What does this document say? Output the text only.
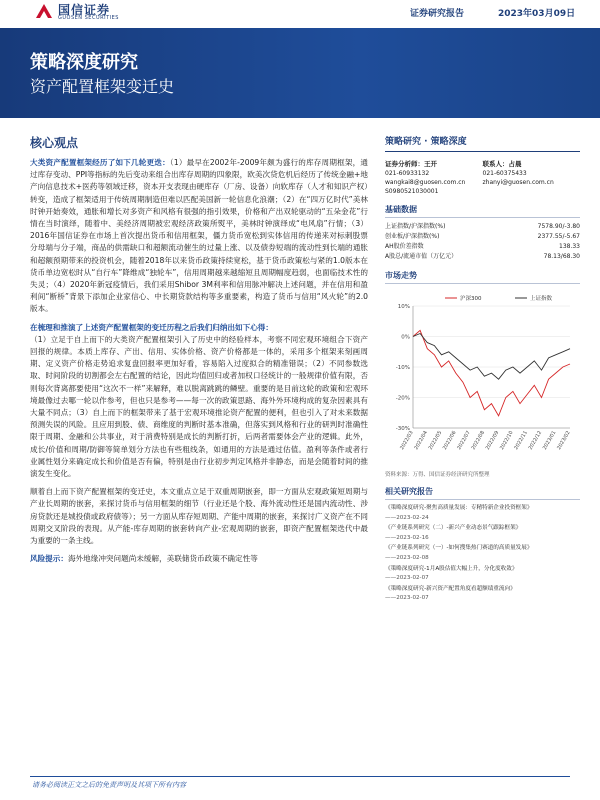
国信证券
GUOSEN SECURITIES	证券研究报告	2023年03月09日
策略深度研究
资产配置框架变迁史
核心观点

大类资产配置框架经历了如下几轮更迭：（1）最早在2002年-2009年颇为盛行的库存周期框架，通过库存变动、PPI等指标的先后变动来组合出库存周期的四象限，欧美次贷危机后经历了传统金融+地产向信息技术+医药等领域迁移，资本开支表现由硬库存（厂房、设备）向软库存（人才和知识产权）转变，造成了框架适用于传统周期制造但难以匹配美国新一轮信息化浪潮；（2）在“四万亿时代”美林时钟开始奏效，通胀和增长对多资产和风格有很强的指引效果，价格和产出双轮驱动的“五朵金花”行情在当时演绎，随着中、美经济周期被宏观经济政策所熨平，美林时钟演绎成“电风扇”行情；（3）2016年国信证券在市场上首次提出货币和信用框架，僵力货币宽松到实体信用的传递来对标刺股票分母端与分子端，商品的供需缺口和超额流动催生的过量上涨、以及债券短端的流动性到长端的通胀和超额预期带来的投资机会，随着2018年以来货币政策持续宽松，基于货币政策松与紧的1.0版本在货币单边宽松时从“自行车”降维成“独轮车”，信用周期越来越缩短且周期幅度趋弱，也面临技术性的失灵；（4）2020年新冠疫情后，我们采用Shibor 3M利率和信用脉冲解决上述问题，并在信用和盈利间“断桥”背景下添加企业家信心、中长期贷款结构等多重要素，构造了货币与信用“风火轮”的2.0版本。

在梳理和推演了上述资产配置框架的变迁历程之后我们归纳出如下心得：
（1）立足于自上而下的大类资产配置框架引入了历史中的经验样本，考察不同宏观环境组合下资产回报的规律。本质上库存、产出、信用、实体价格、资产价格都是一体的，采用多个框架来刻画周期、定义资产价格走势追求复盘回报率更加好看，容易陷入过度拟合的精准错误；（2）不同参数选取、时间阶段的切割都会左右配置的结论，因此均值回归或者加权口径统计的一般规律价值有限，否则每次背离都要使用“这次不一样”来解释，难以脱离跳跳的鳞壁。重要的是目前这轮的政策和宏观环境最像过去哪一轮以作参考，但也只是参考——每一次的政策思路、海外外环境构成的复杂因素具有大量不同点；（3）自上而下的框架带来了基于宏观环境推论资产配置的便利，但也引入了对未来数据预测失误的风险。且应用到股、债、商维度的判断时基本准确，但落实到风格和行业的研判时准确性限于周期、金融和公共事业，对于消费特别是成长的判断打折，后两者需要体会产业的逻辑。此外，成长/价值和周期/防御等简单划分方法也有些粗线条，如通用的方法是通过估值。盈利等条件或者行业属性划分来确定成长和价值是否有偏，特别是由行业初步判定风格并非静态，而是会随着时间的推演发生变化。

顺着自上而下资产配置框架的变迁史，本文重点立足于双重周期嵌套，即一方面从宏观政策短周期与产业长周期的嵌套，来探讨货币与信用框架的细节（行业还是个股、海外流动性还是国内流动性、涉房贷款还是城投债或政府债等）；另一方面从库存短周期、产能中周期的嵌套，来探讨广义资产在不同周期交叉阶段的表现。从产能-库存周期的嵌套转向产业-宏观周期的嵌套，即资产配置框架迭代中最为重要的一条主线。

风险提示：海外地缘冲突问题尚未缓解，美联储货币政策不确定性等

策略研究 · 策略深度
证券分析师：王开
021-60933132
wangkai8@guosen.com.cn
S0980521030001
联系人：占晨
021-60375433
zhanyi@guosen.com.cn
基础数据
上证指数/沪深指数(%)	7578.90/-3.80
创业板/沪深指数(%)	2377.55/-5.67
AH股价差指数	138.33
A股总/流通市值（万亿元）	78.13/68.30
市场走势
10%
0%
-10%
-20%
-30%
2022/03
2022/04
2022/05
2022/06
2022/07
2022/08
2022/09
2022/10
2022/11
2022/12
2023/01
2023/02
沪深300	上证指数
资料来源：万得、国信证券经济研究所整理
相关研究报告
《策略深度研究-聚焦高质量发展：专精特新企业投资框架》
——2023-02-24
《产业链系列研究（二）-新兴产业动态景气跟踪框架》
——2023-02-16
《产业链系列研究（一）-如何搜集热门赛道的高质量发展》
——2023-02-08
《策略深度研究-1月A股估值大幅上升，分化度收敛》
——2023-02-07
《策略深度研究-新兴资产配置角度看超额绩重流向》
——2023-02-07
请务必阅读正文之后的免责声明及其项下所有内容
